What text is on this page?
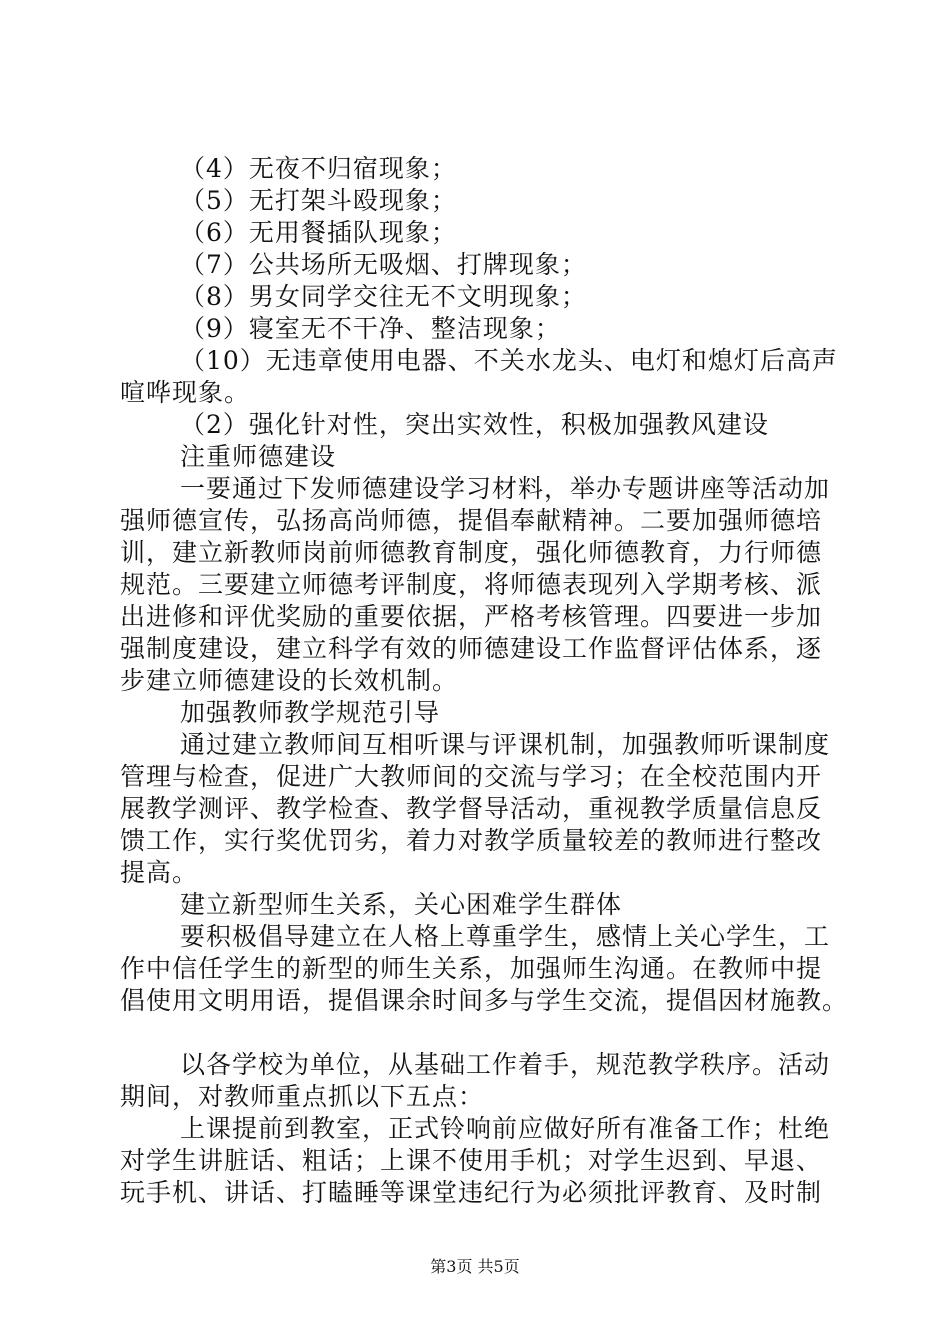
（4）无夜不归宿现象；
（5）无打架斗殴现象；
（6）无用餐插队现象；
（7）公共场所无吸烟、打牌现象；
（8）男女同学交往无不文明现象；
（9）寝室无不干净、整洁现象；
（10）无违章使用电器、不关水龙头、电灯和熄灯后高声
喧哗现象。
（2）强化针对性，突出实效性，积极加强教风建设
注重师德建设
一要通过下发师德建设学习材料，举办专题讲座等活动加
强师德宣传，弘扬高尚师德，提倡奉献精神。二要加强师德培
训，建立新教师岗前师德教育制度，强化师德教育，力行师德
规范。三要建立师德考评制度，将师德表现列入学期考核、派
出进修和评优奖励的重要依据，严格考核管理。四要进一步加
强制度建设，建立科学有效的师德建设工作监督评估体系，逐
步建立师德建设的长效机制。
加强教师教学规范引导
通过建立教师间互相听课与评课机制，加强教师听课制度
管理与检查，促进广大教师间的交流与学习；在全校范围内开
展教学测评、教学检查、教学督导活动，重视教学质量信息反
馈工作，实行奖优罚劣，着力对教学质量较差的教师进行整改
提高。
建立新型师生关系，关心困难学生群体
要积极倡导建立在人格上尊重学生，感情上关心学生，工
作中信任学生的新型的师生关系，加强师生沟通。在教师中提
倡使用文明用语，提倡课余时间多与学生交流，提倡因材施教。
以各学校为单位，从基础工作着手，规范教学秩序。活动
期间，对教师重点抓以下五点：
上课提前到教室，正式铃响前应做好所有准备工作；杜绝
对学生讲脏话、粗话；上课不使用手机；对学生迟到、早退、
玩手机、讲话、打瞌睡等课堂违纪行为必须批评教育、及时制
第3页 共5页
